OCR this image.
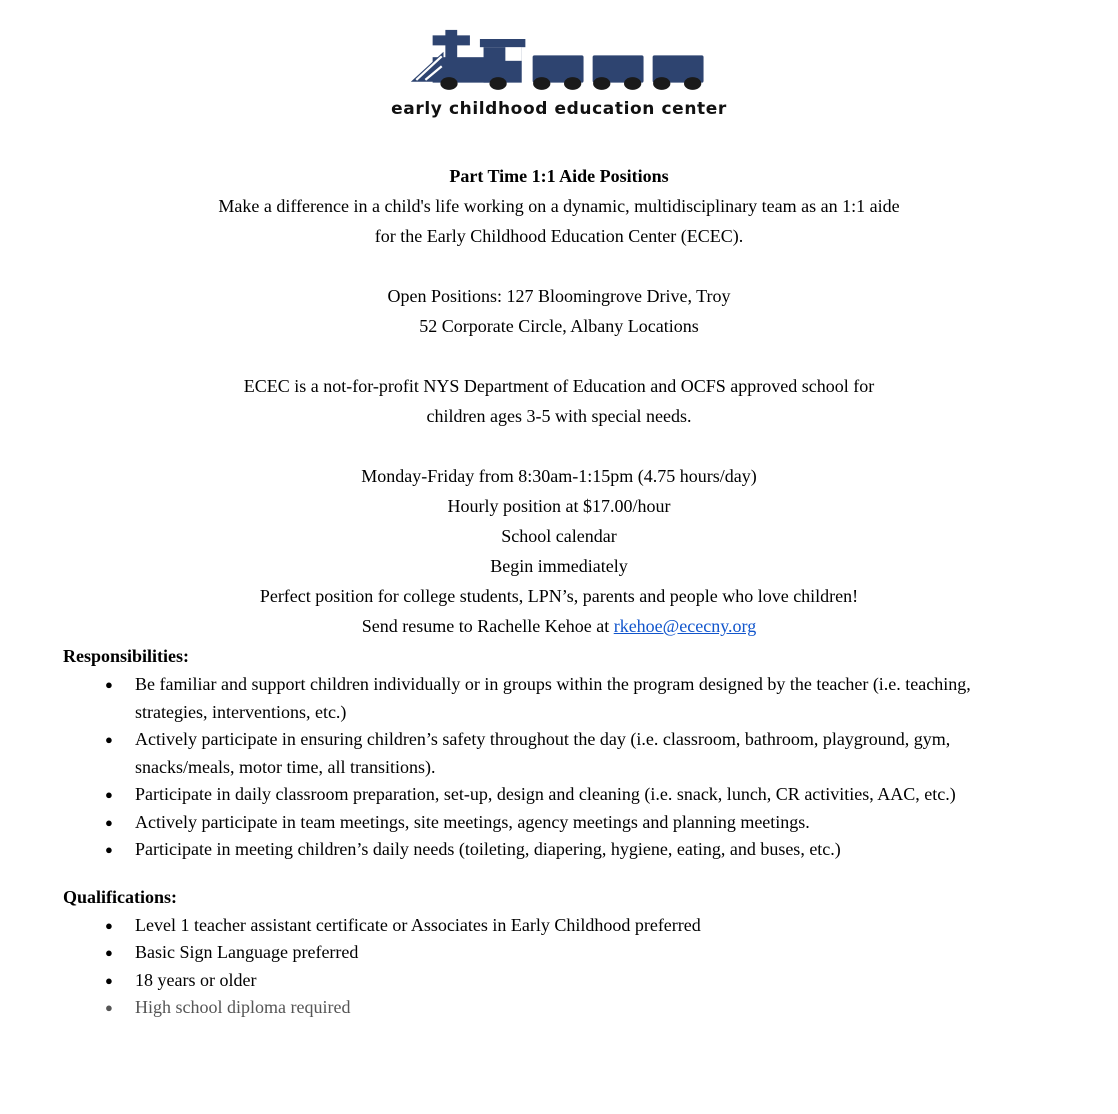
early childhood education center
Part Time 1:1 Aide Positions

Make a difference in a child's life working on a dynamic, multidisciplinary team as an 1:1 aide

for the Early Childhood Education Center (ECEC).

Open Positions: 127 Bloomingrove Drive, Troy

52 Corporate Circle, Albany Locations

ECEC is a not-for-profit NYS Department of Education and OCFS approved school for

children ages 3-5 with special needs.

Monday-Friday from 8:30am-1:15pm (4.75 hours/day)

Hourly position at $17.00/hour

School calendar

Begin immediately

Perfect position for college students, LPN’s, parents and people who love children!

Send resume to Rachelle Kehoe at rkehoe@ececny.org

Responsibilities:
● Be familiar and support children individually or in groups within the program designed by the teacher (i.e. teaching, strategies, interventions, etc.)
● Actively participate in ensuring children’s safety throughout the day (i.e. classroom, bathroom, playground, gym, snacks/meals, motor time, all transitions).
● Participate in daily classroom preparation, set-up, design and cleaning (i.e. snack, lunch, CR activities, AAC, etc.)
● Actively participate in team meetings, site meetings, agency meetings and planning meetings.
● Participate in meeting children’s daily needs (toileting, diapering, hygiene, eating, and buses, etc.)
Qualifications:
● Level 1 teacher assistant certificate or Associates in Early Childhood preferred
● Basic Sign Language preferred
● 18 years or older
● High school diploma required
